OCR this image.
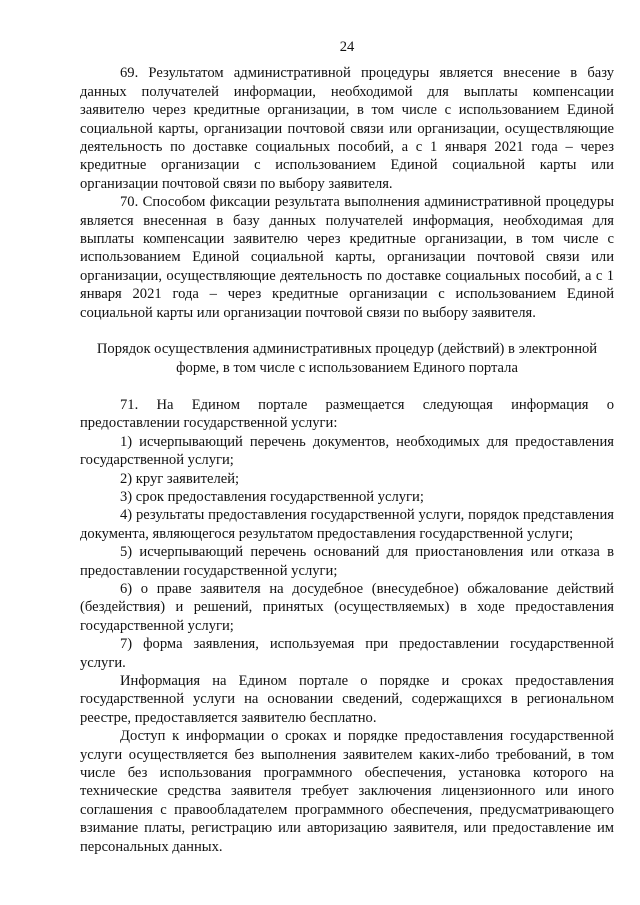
24

69. Результатом административной процедуры является внесение в базу данных получателей информации, необходимой для выплаты компенсации заявителю через кредитные организации, в том числе с использованием Единой социальной карты, организации почтовой связи или организации, осуществляющие деятельность по доставке социальных пособий, а с 1 января 2021 года – через кредитные организации с использованием Единой социальной карты или организации почтовой связи по выбору заявителя.

70. Способом фиксации результата выполнения административной процедуры является внесенная в базу данных получателей информация, необходимая для выплаты компенсации заявителю через кредитные организации, в том числе с использованием Единой социальной карты, организации почтовой связи или организации, осуществляющие деятельность по доставке социальных пособий, а с 1 января 2021 года – через кредитные организации с использованием Единой социальной карты или организации почтовой связи по выбору заявителя.

Порядок осуществления административных процедур (действий) в электронной форме, в том числе с использованием Единого портала

71. На Едином портале размещается следующая информация о предоставлении государственной услуги:

1) исчерпывающий перечень документов, необходимых для предоставления государственной услуги;

2) круг заявителей;

3) срок предоставления государственной услуги;

4) результаты предоставления государственной услуги, порядок представления документа, являющегося результатом предоставления государственной услуги;

5) исчерпывающий перечень оснований для приостановления или отказа в предоставлении государственной услуги;

6) о праве заявителя на досудебное (внесудебное) обжалование действий (бездействия) и решений, принятых (осуществляемых) в ходе предоставления государственной услуги;

7) форма заявления, используемая при предоставлении государственной услуги.

Информация на Едином портале о порядке и сроках предоставления государственной услуги на основании сведений, содержащихся в региональном реестре, предоставляется заявителю бесплатно.

Доступ к информации о сроках и порядке предоставления государственной услуги осуществляется без выполнения заявителем каких-либо требований, в том числе без использования программного обеспечения, установка которого на технические средства заявителя требует заключения лицензионного или иного соглашения с правообладателем программного обеспечения, предусматривающего взимание платы, регистрацию или авторизацию заявителя, или предоставление им персональных данных.
